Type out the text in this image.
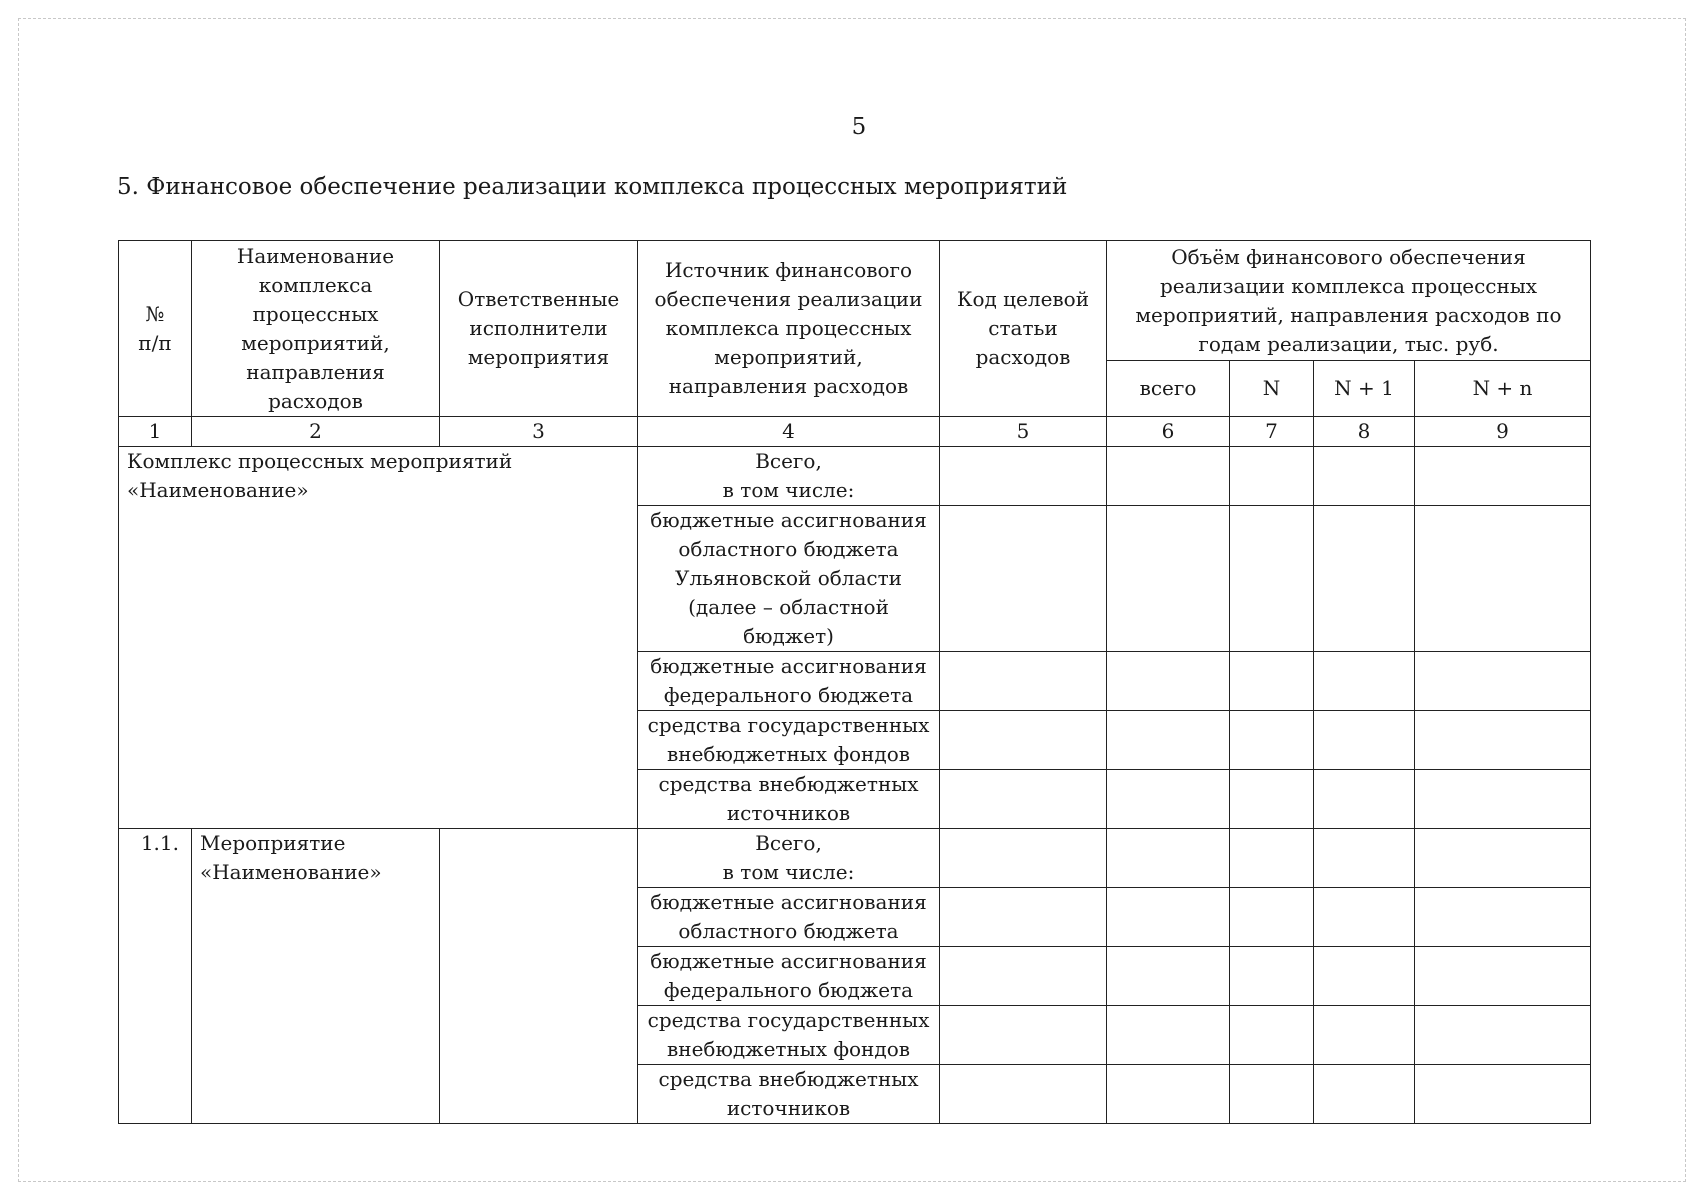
5
5. Финансовое обеспечение реализации комплекса процессных мероприятий
№
п/п	Наименование комплекса процессных мероприятий, направления расходов	Ответственные исполнители мероприятия	Источник финансового обеспечения реализации комплекса процессных мероприятий, направления расходов	Код целевой статьи расходов	Объём финансового обеспечения реализации комплекса процессных мероприятий, направления расходов по годам реализации, тыс. руб.			
					всего	N	N + 1	N + n
1	2	3	4	5	6	7	8	9
Комплекс процессных мероприятий «Наименование»			Всего,
в том числе:					
			бюджетные ассигнования областного бюджета Ульяновской области (далее – областной бюджет)					
			бюджетные ассигнования федерального бюджета					
			средства государственных внебюджетных фондов					
			средства внебюджетных источников					
1.1.	Мероприятие «Наименование»		Всего,
в том числе:					
			бюджетные ассигнования областного бюджета					
			бюджетные ассигнования федерального бюджета					
			средства государственных внебюджетных фондов					
			средства внебюджетных источников					
